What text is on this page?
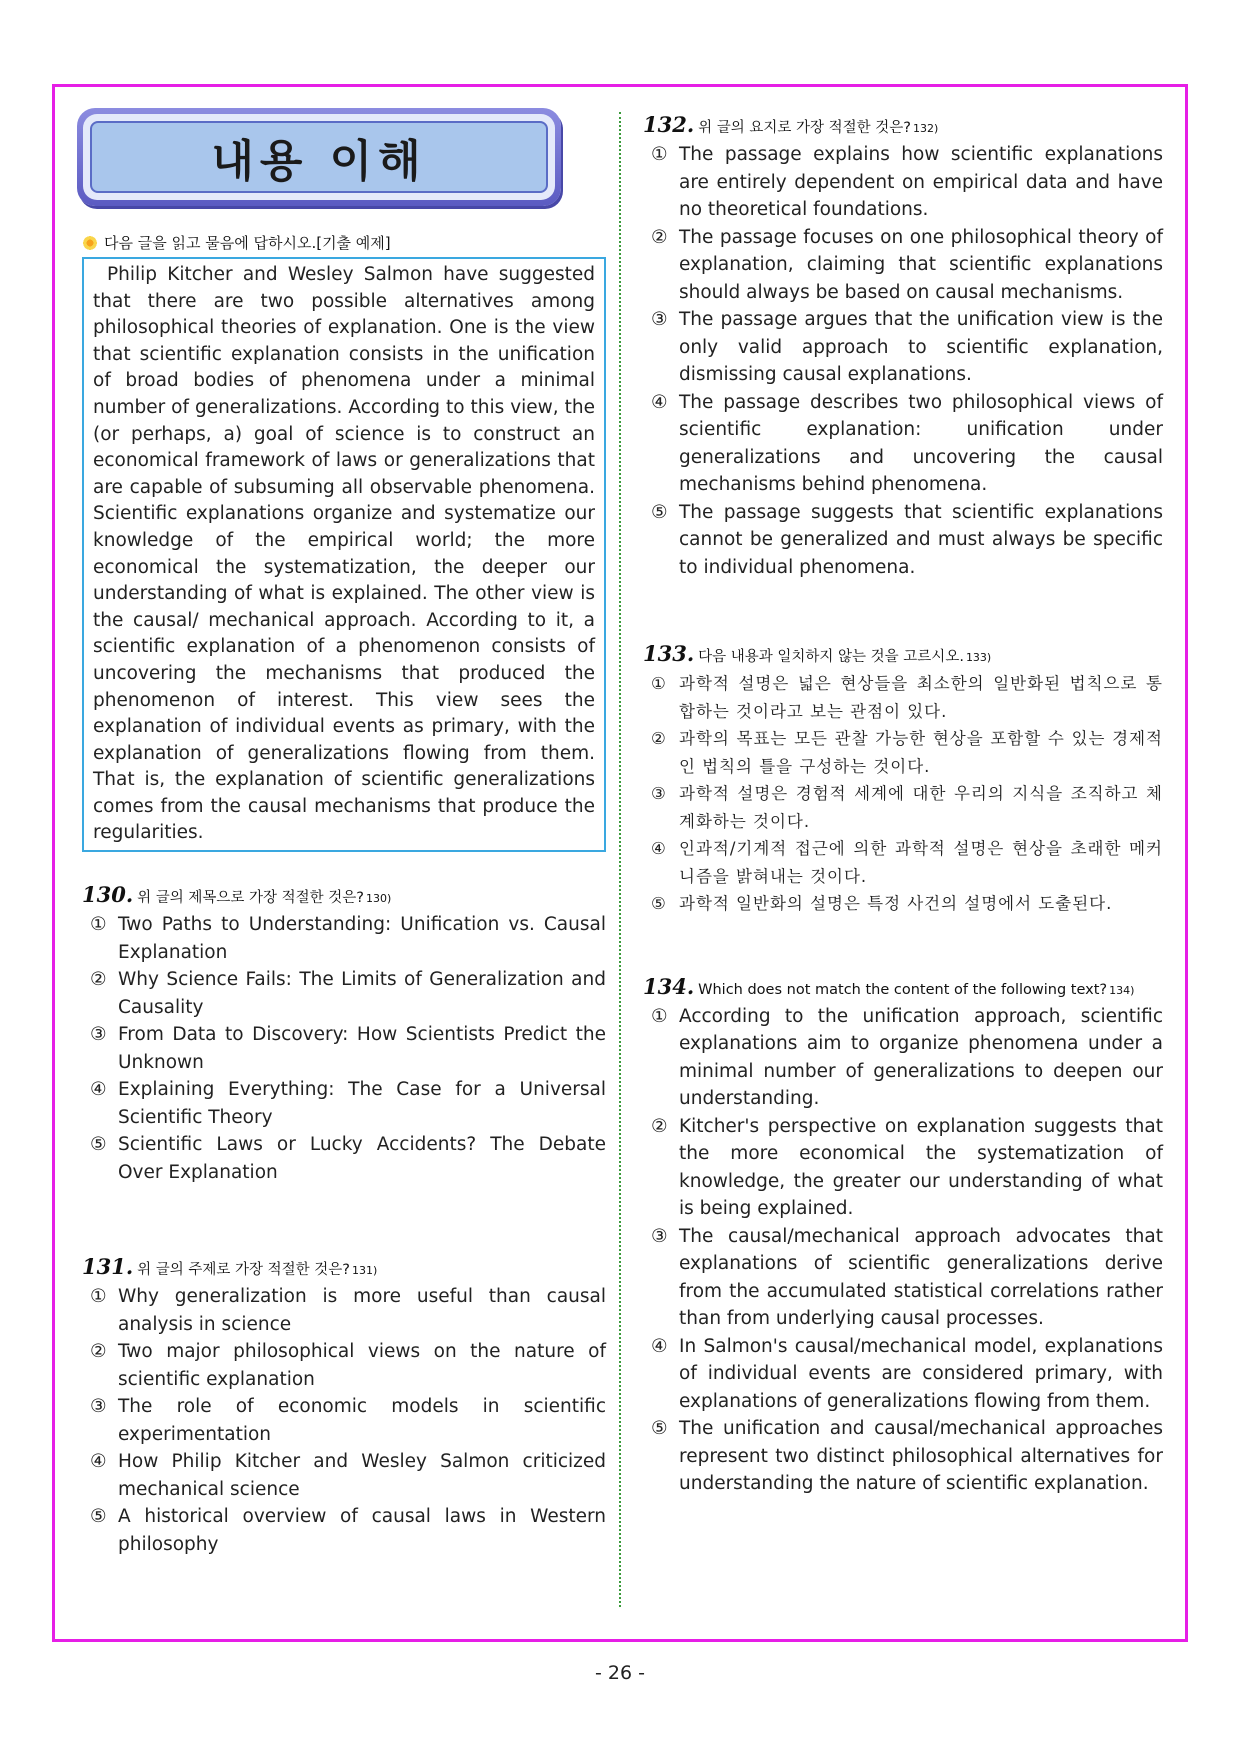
내용 이해
다음 글을 읽고 물음에 답하시오.[기출 예제]
Philip Kitcher and Wesley Salmon have suggested that there are two possible alternatives among philosophical theories of explanation. One is the view that scientific explanation consists in the unification of broad bodies of phenomena under a minimal number of generalizations. According to this view, the (or perhaps, a) goal of science is to construct an economical framework of laws or generalizations that are capable of subsuming all observable phenomena. Scientific explanations organize and systematize our knowledge of the empirical world; the more economical the systematization, the deeper our understanding of what is explained. The other view is the causal/ mechanical approach. According to it, a scientific explanation of a phenomenon consists of uncovering the mechanisms that produced the phenomenon of interest. This view sees the explanation of individual events as primary, with the explanation of generalizations flowing from them. That is, the explanation of scientific generalizations comes from the causal mechanisms that produce the regularities.
130. 위 글의 제목으로 가장 적절한 것은? 130)
① Two Paths to Understanding: Unification vs. Causal Explanation
② Why Science Fails: The Limits of Generalization and Causality
③ From Data to Discovery: How Scientists Predict the Unknown
④ Explaining Everything: The Case for a Universal Scientific Theory
⑤ Scientific Laws or Lucky Accidents? The Debate Over Explanation
131. 위 글의 주제로 가장 적절한 것은? 131)
① Why generalization is more useful than causal analysis in science
② Two major philosophical views on the nature of scientific explanation
③ The role of economic models in scientific experimentation
④ How Philip Kitcher and Wesley Salmon criticized mechanical science
⑤ A historical overview of causal laws in Western philosophy
132. 위 글의 요지로 가장 적절한 것은? 132)
① The passage explains how scientific explanations are entirely dependent on empirical data and have no theoretical foundations.
② The passage focuses on one philosophical theory of explanation, claiming that scientific explanations should always be based on causal mechanisms.
③ The passage argues that the unification view is the only valid approach to scientific explanation, dismissing causal explanations.
④ The passage describes two philosophical views of scientific explanation: unification under generalizations and uncovering the causal mechanisms behind phenomena.
⑤ The passage suggests that scientific explanations cannot be generalized and must always be specific to individual phenomena.
133. 다음 내용과 일치하지 않는 것을 고르시오. 133)
① 과학적 설명은 넓은 현상들을 최소한의 일반화된 법칙으로 통합하는 것이라고 보는 관점이 있다.
② 과학의 목표는 모든 관찰 가능한 현상을 포함할 수 있는 경제적인 법칙의 틀을 구성하는 것이다.
③ 과학적 설명은 경험적 세계에 대한 우리의 지식을 조직하고 체계화하는 것이다.
④ 인과적/기계적 접근에 의한 과학적 설명은 현상을 초래한 메커니즘을 밝혀내는 것이다.
⑤ 과학적 일반화의 설명은 특정 사건의 설명에서 도출된다.
134. Which does not match the content of the following text? 134)
① According to the unification approach, scientific explanations aim to organize phenomena under a minimal number of generalizations to deepen our understanding.
② Kitcher's perspective on explanation suggests that the more economical the systematization of knowledge, the greater our understanding of what is being explained.
③ The causal/mechanical approach advocates that explanations of scientific generalizations derive from the accumulated statistical correlations rather than from underlying causal processes.
④ In Salmon's causal/mechanical model, explanations of individual events are considered primary, with explanations of generalizations flowing from them.
⑤ The unification and causal/mechanical approaches represent two distinct philosophical alternatives for understanding the nature of scientific explanation.
- 26 -
